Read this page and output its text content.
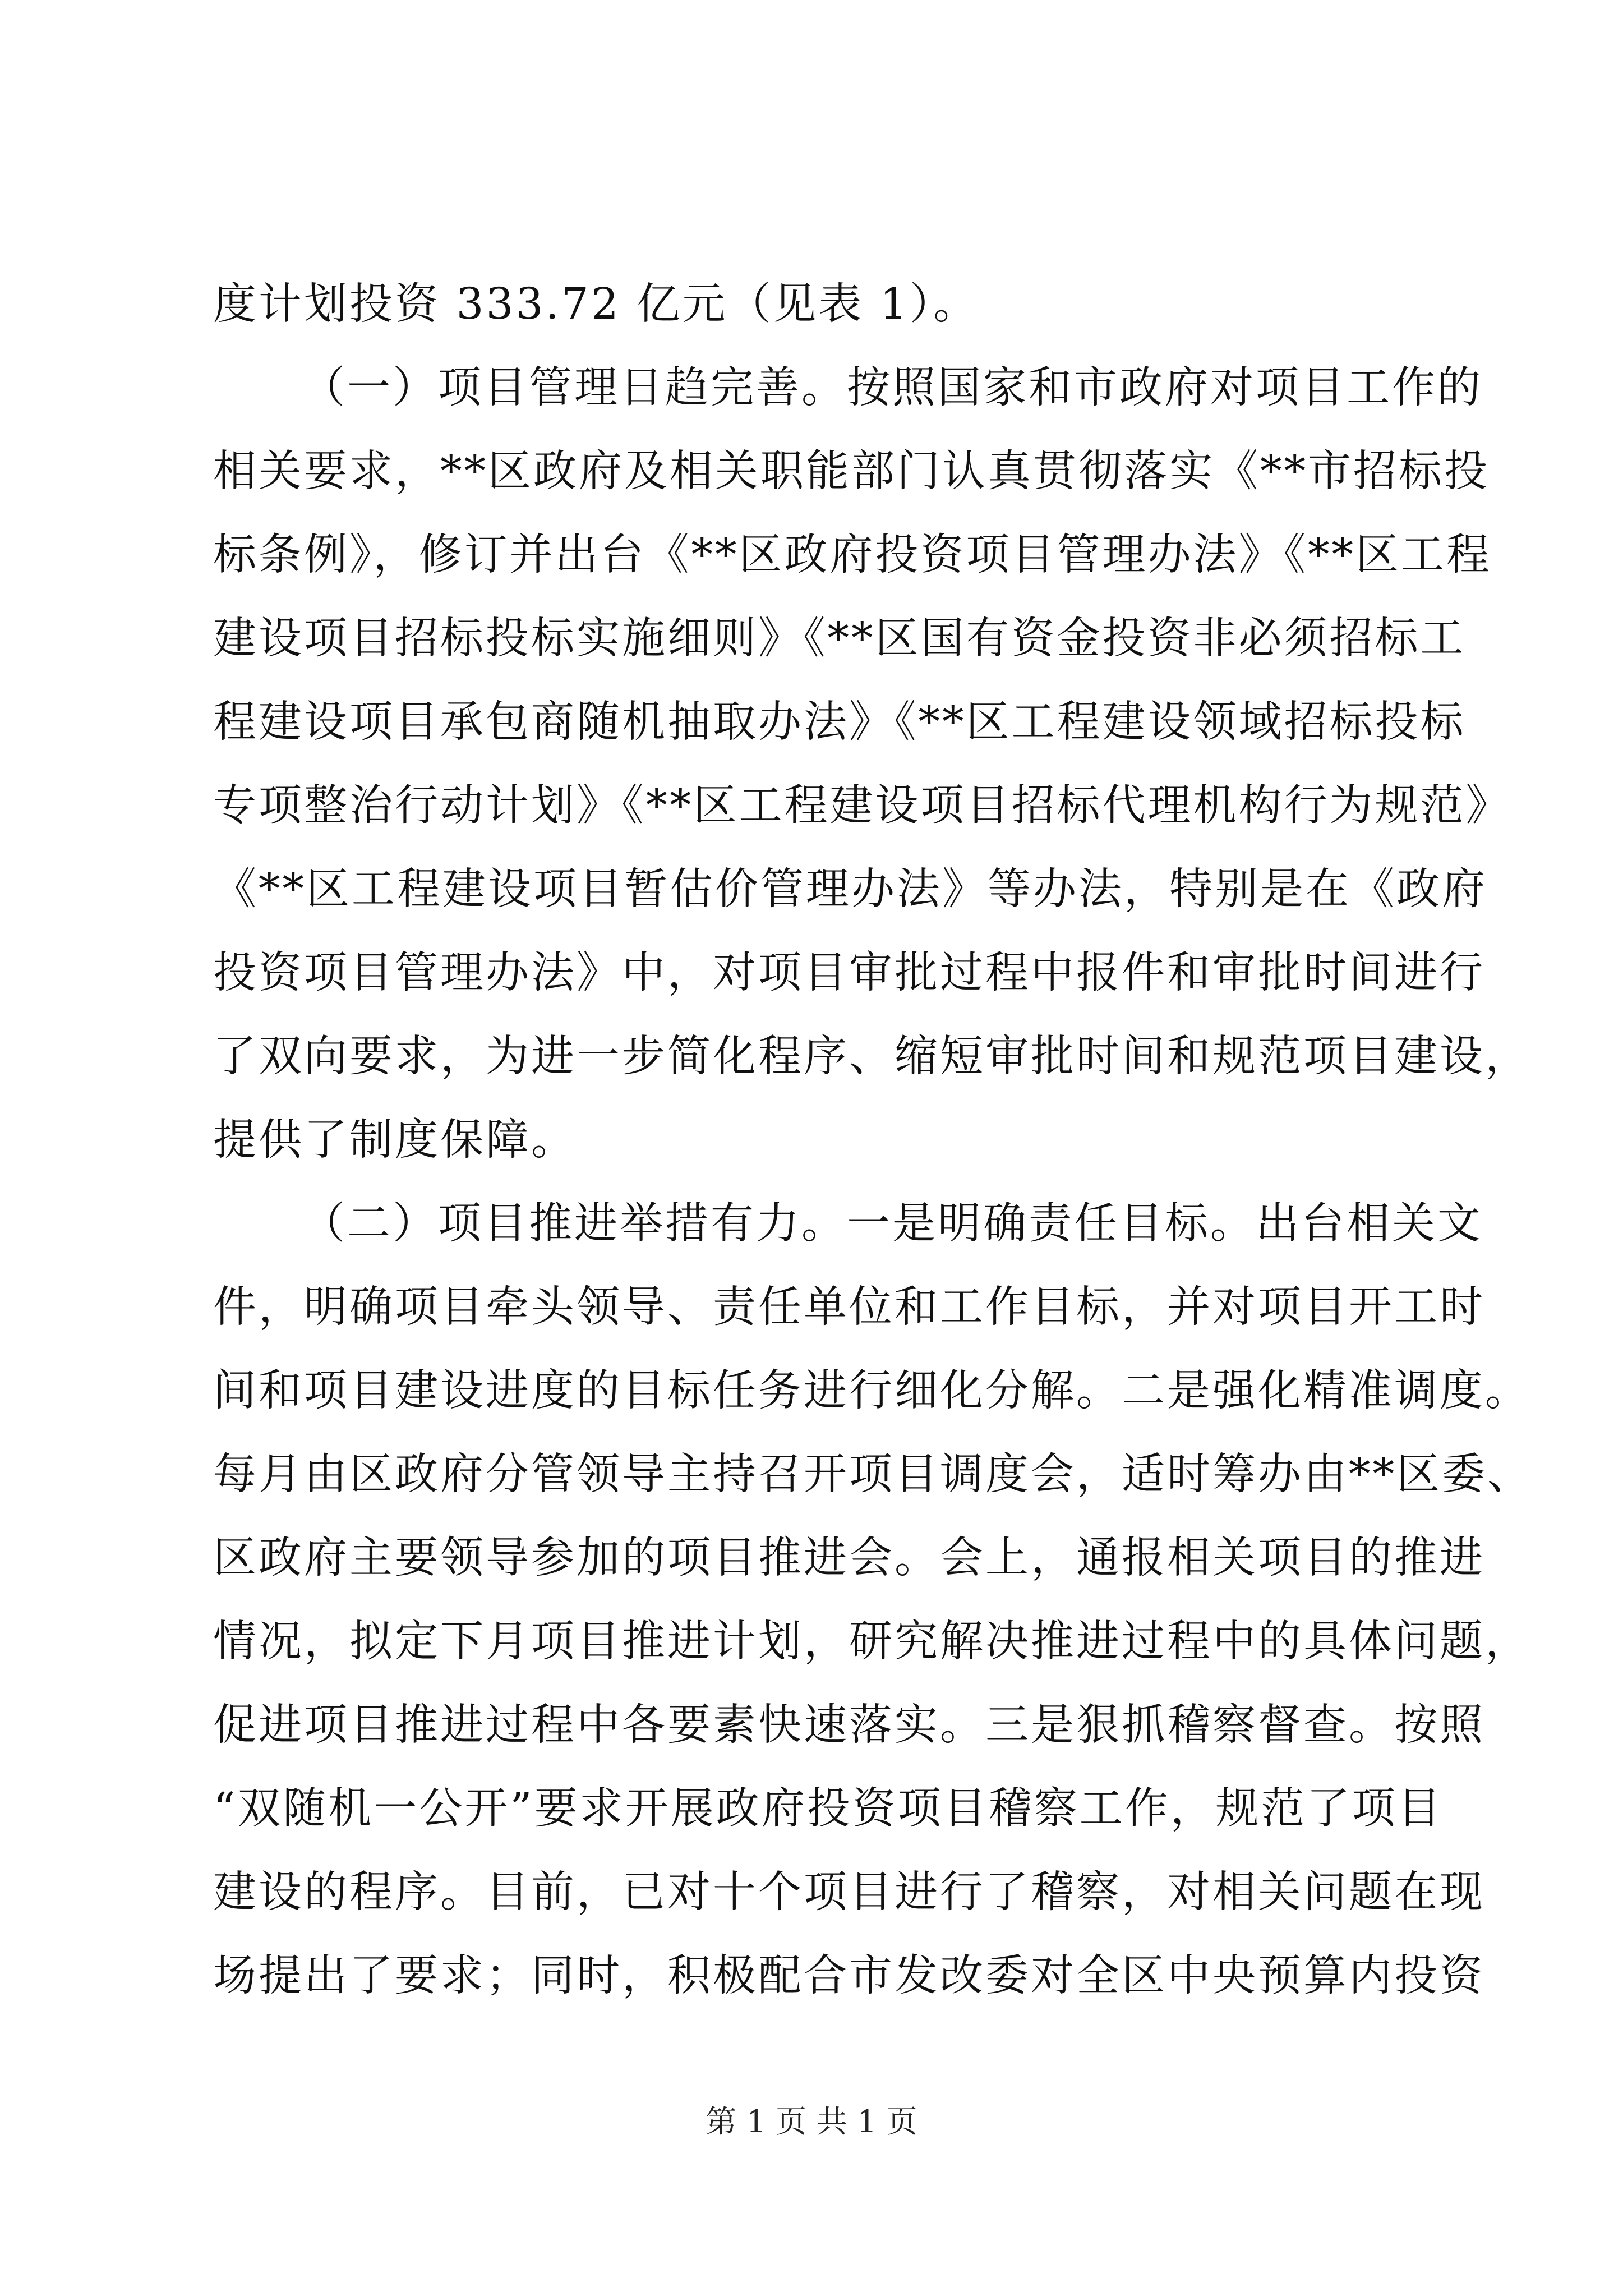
度计划投资 333.72 亿元（见表 1）。
（一）项目管理日趋完善。按照国家和市政府对项目工作的
相关要求，**区政府及相关职能部门认真贯彻落实《**市招标投
标条例》，修订并出台《**区政府投资项目管理办法》《**区工程
建设项目招标投标实施细则》《**区国有资金投资非必须招标工
程建设项目承包商随机抽取办法》《**区工程建设领域招标投标
专项整治行动计划》《**区工程建设项目招标代理机构行为规范》
《**区工程建设项目暂估价管理办法》等办法，特别是在《政府
投资项目管理办法》中，对项目审批过程中报件和审批时间进行
了双向要求，为进一步简化程序、缩短审批时间和规范项目建设，
提供了制度保障。
（二）项目推进举措有力。一是明确责任目标。出台相关文
件，明确项目牵头领导、责任单位和工作目标，并对项目开工时
间和项目建设进度的目标任务进行细化分解。二是强化精准调度。
每月由区政府分管领导主持召开项目调度会，适时筹办由**区委、
区政府主要领导参加的项目推进会。会上，通报相关项目的推进
情况，拟定下月项目推进计划，研究解决推进过程中的具体问题，
促进项目推进过程中各要素快速落实。三是狠抓稽察督查。按照
“双随机一公开”要求开展政府投资项目稽察工作，规范了项目
建设的程序。目前，已对十个项目进行了稽察，对相关问题在现
场提出了要求；同时，积极配合市发改委对全区中央预算内投资
第 1 页 共 1 页
